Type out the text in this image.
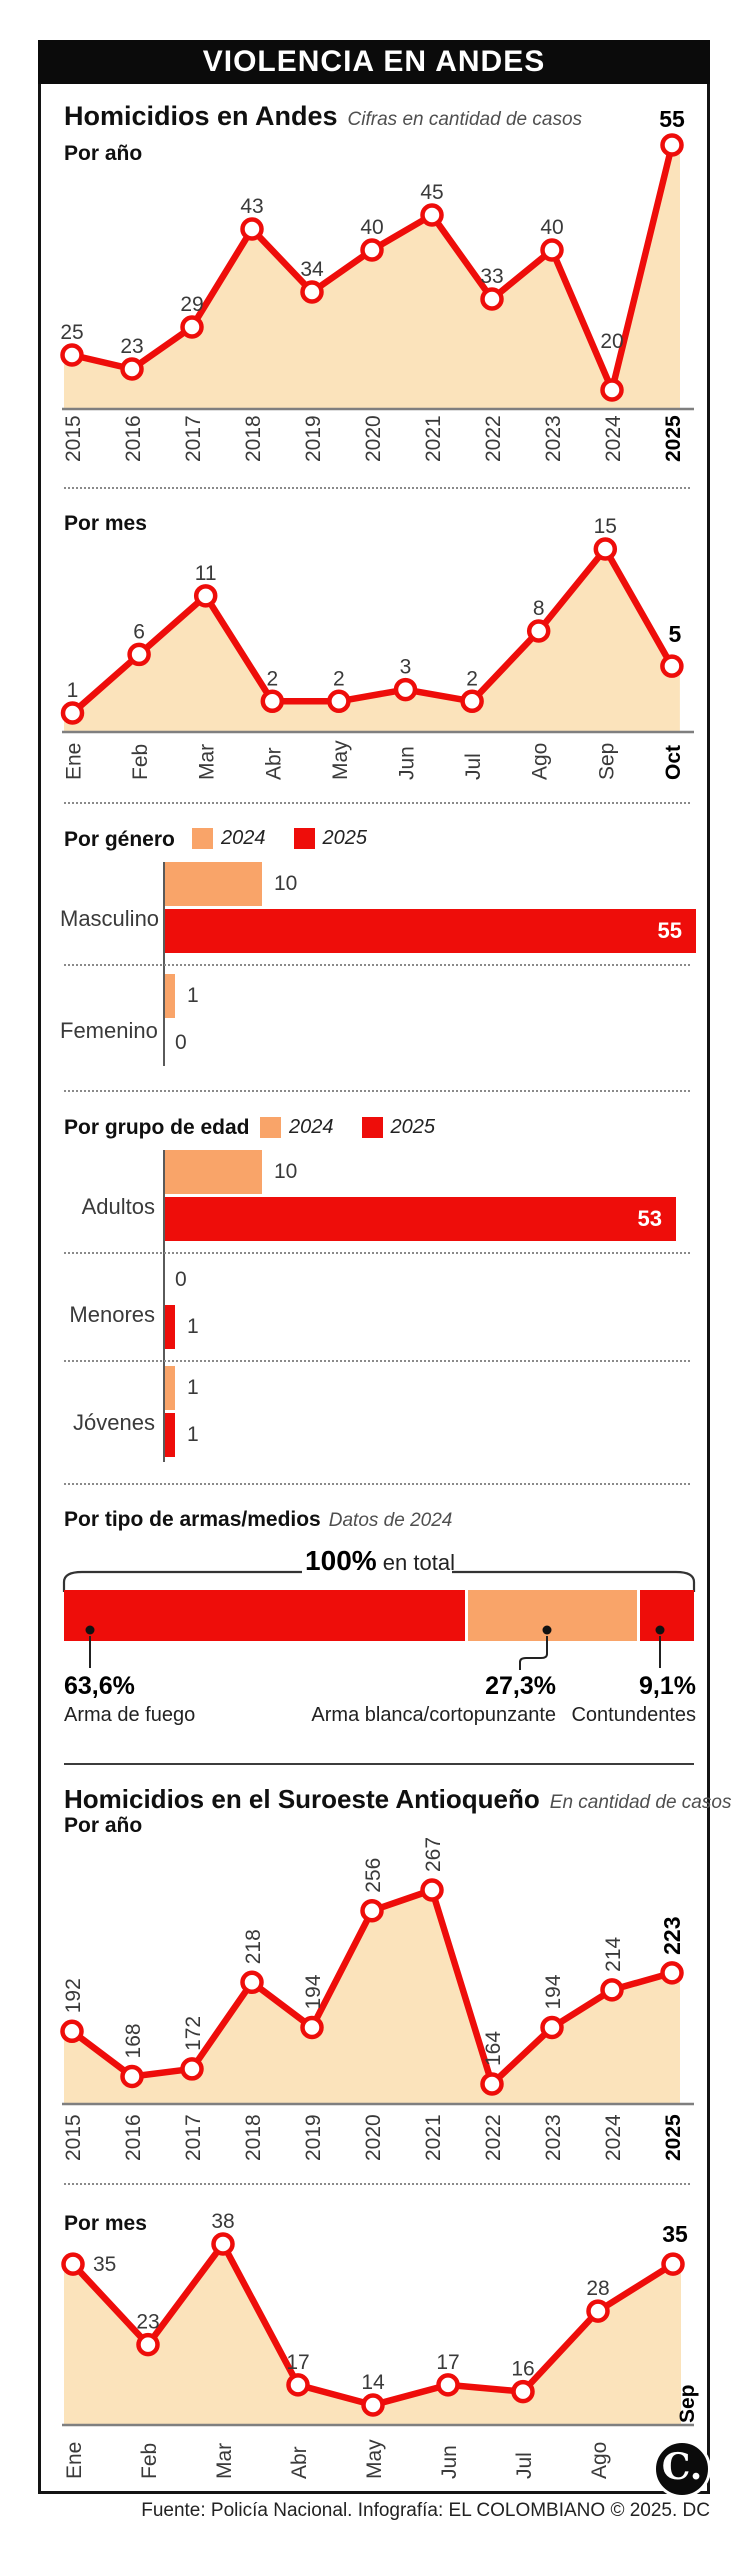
VIOLENCIA EN ANDES
Homicidios en Andes Cifras en cantidad de casos
Por año
25
23
29
43
34
40
45
33
40
20
55
2015 2016 2017 2018 2019 2020 2021 2022 2023 2024 2025
Por mes
1
6
11
2	2
3
2
8
15
5
Ene Feb Mar Abr May Jun Jul Ago Sep Oct
Por género 2024	2025
Por grupo de edad 2024	2025
Por tipo de armas/medios Datos de 2024
100% en total
63,6%
Arma de fuego
27,3%
Arma blanca/cortopunzante
9,1%
Contundentes
Homicidios en el Suroeste Antioqueño En cantidad de casos
Por año
192
168 172
218
194
256
267
164
194
214 223
2015 2016 2017 2018 2019 2020 2021 2022 2023 2024 2025
Por mes
35
23
38
17
14
17 16
28
35
Ene Feb Mar Abr May Jun Jul Ago
Sep
C.
Fuente: Policía Nacional. Infografía: EL COLOMBIANO © 2025. DC
Masculino
10
55
Femenino
1
0
Adultos
10
53
Menores
0
1
Jóvenes
1
1
